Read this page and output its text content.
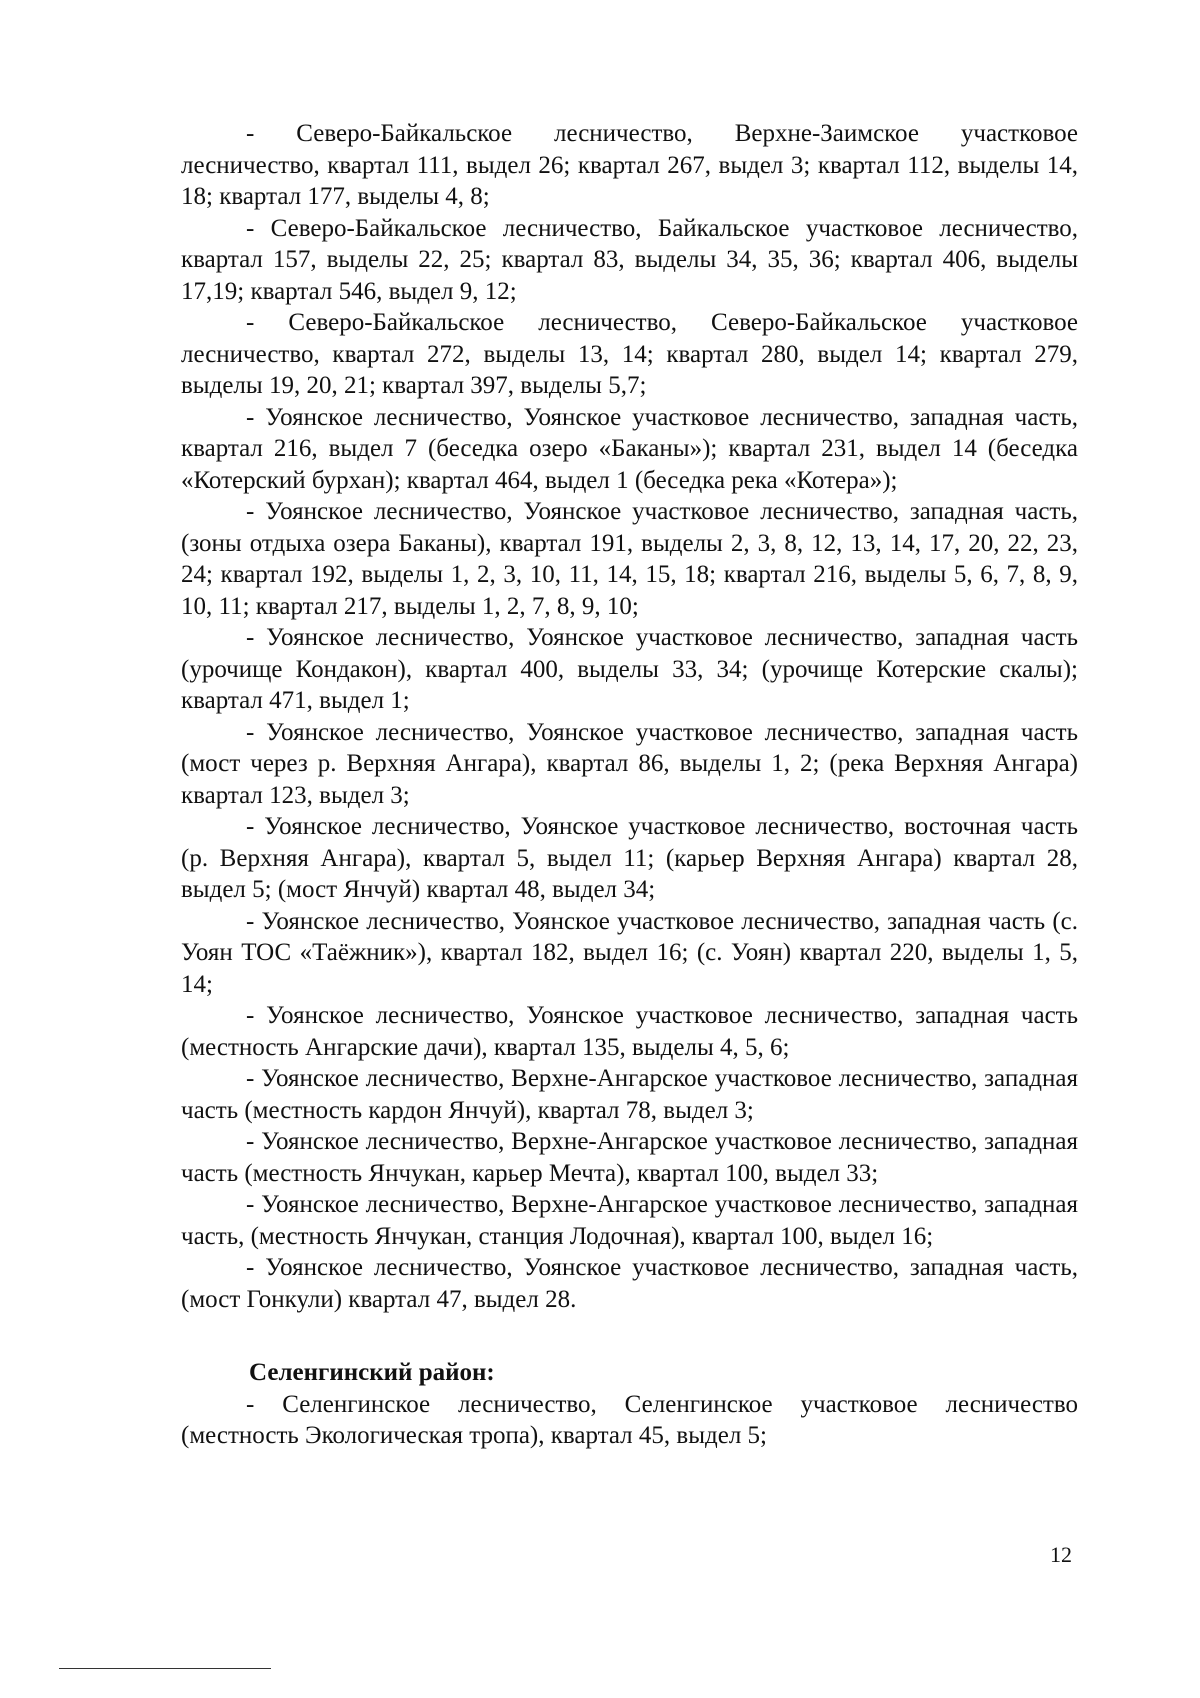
- Северо-Байкальское лесничество, Верхне-Заимское участковое лесничество, квартал 111, выдел 26; квартал 267, выдел 3; квартал 112, выделы 14, 18; квартал 177, выделы 4, 8;

- Северо-Байкальское лесничество, Байкальское участковое лесничество, квартал 157, выделы 22, 25; квартал 83, выделы 34, 35, 36; квартал 406, выделы 17,19; квартал 546, выдел 9, 12;

- Северо-Байкальское лесничество, Северо-Байкальское участковое лесничество, квартал 272, выделы 13, 14; квартал 280, выдел 14; квартал 279, выделы 19, 20, 21; квартал 397, выделы 5,7;

- Уоянское лесничество, Уоянское участковое лесничество, западная часть, квартал 216, выдел 7 (беседка озеро «Баканы»); квартал 231, выдел 14 (беседка «Котерский бурхан); квартал 464, выдел 1 (беседка река «Котера»);

- Уоянское лесничество, Уоянское участковое лесничество, западная часть, (зоны отдыха озера Баканы), квартал 191, выделы 2, 3, 8, 12, 13, 14, 17, 20, 22, 23, 24; квартал 192, выделы 1, 2, 3, 10, 11, 14, 15, 18; квартал 216, выделы 5, 6, 7, 8, 9, 10, 11; квартал 217, выделы 1, 2, 7, 8, 9, 10;

- Уоянское лесничество, Уоянское участковое лесничество, западная часть (урочище Кондакон), квартал 400, выделы 33, 34; (урочище Котерские скалы); квартал 471, выдел 1;

- Уоянское лесничество, Уоянское участковое лесничество, западная часть (мост через р. Верхняя Ангара), квартал 86, выделы 1, 2; (река Верхняя Ангара) квартал 123, выдел 3;

- Уоянское лесничество, Уоянское участковое лесничество, восточная часть (р. Верхняя Ангара), квартал 5, выдел 11; (карьер Верхняя Ангара) квартал 28, выдел 5; (мост Янчуй) квартал 48, выдел 34;

- Уоянское лесничество, Уоянское участковое лесничество, западная часть (с. Уоян ТОС «Таёжник»), квартал 182, выдел 16; (с. Уоян) квартал 220, выделы 1, 5, 14;

- Уоянское лесничество, Уоянское участковое лесничество, западная часть (местность Ангарские дачи), квартал 135, выделы 4, 5, 6;

- Уоянское лесничество, Верхне-Ангарское участковое лесничество, западная часть (местность кардон Янчуй), квартал 78, выдел 3;

- Уоянское лесничество, Верхне-Ангарское участковое лесничество, западная часть (местность Янчукан, карьер Мечта), квартал 100, выдел 33;

- Уоянское лесничество, Верхне-Ангарское участковое лесничество, западная часть, (местность Янчукан, станция Лодочная), квартал 100, выдел 16;

- Уоянское лесничество, Уоянское участковое лесничество, западная часть, (мост Гонкули) квартал 47, выдел 28.

Селенгинский район:

- Селенгинское лесничество, Селенгинское участковое лесничество (местность Экологическая тропа), квартал 45, выдел 5;

12
